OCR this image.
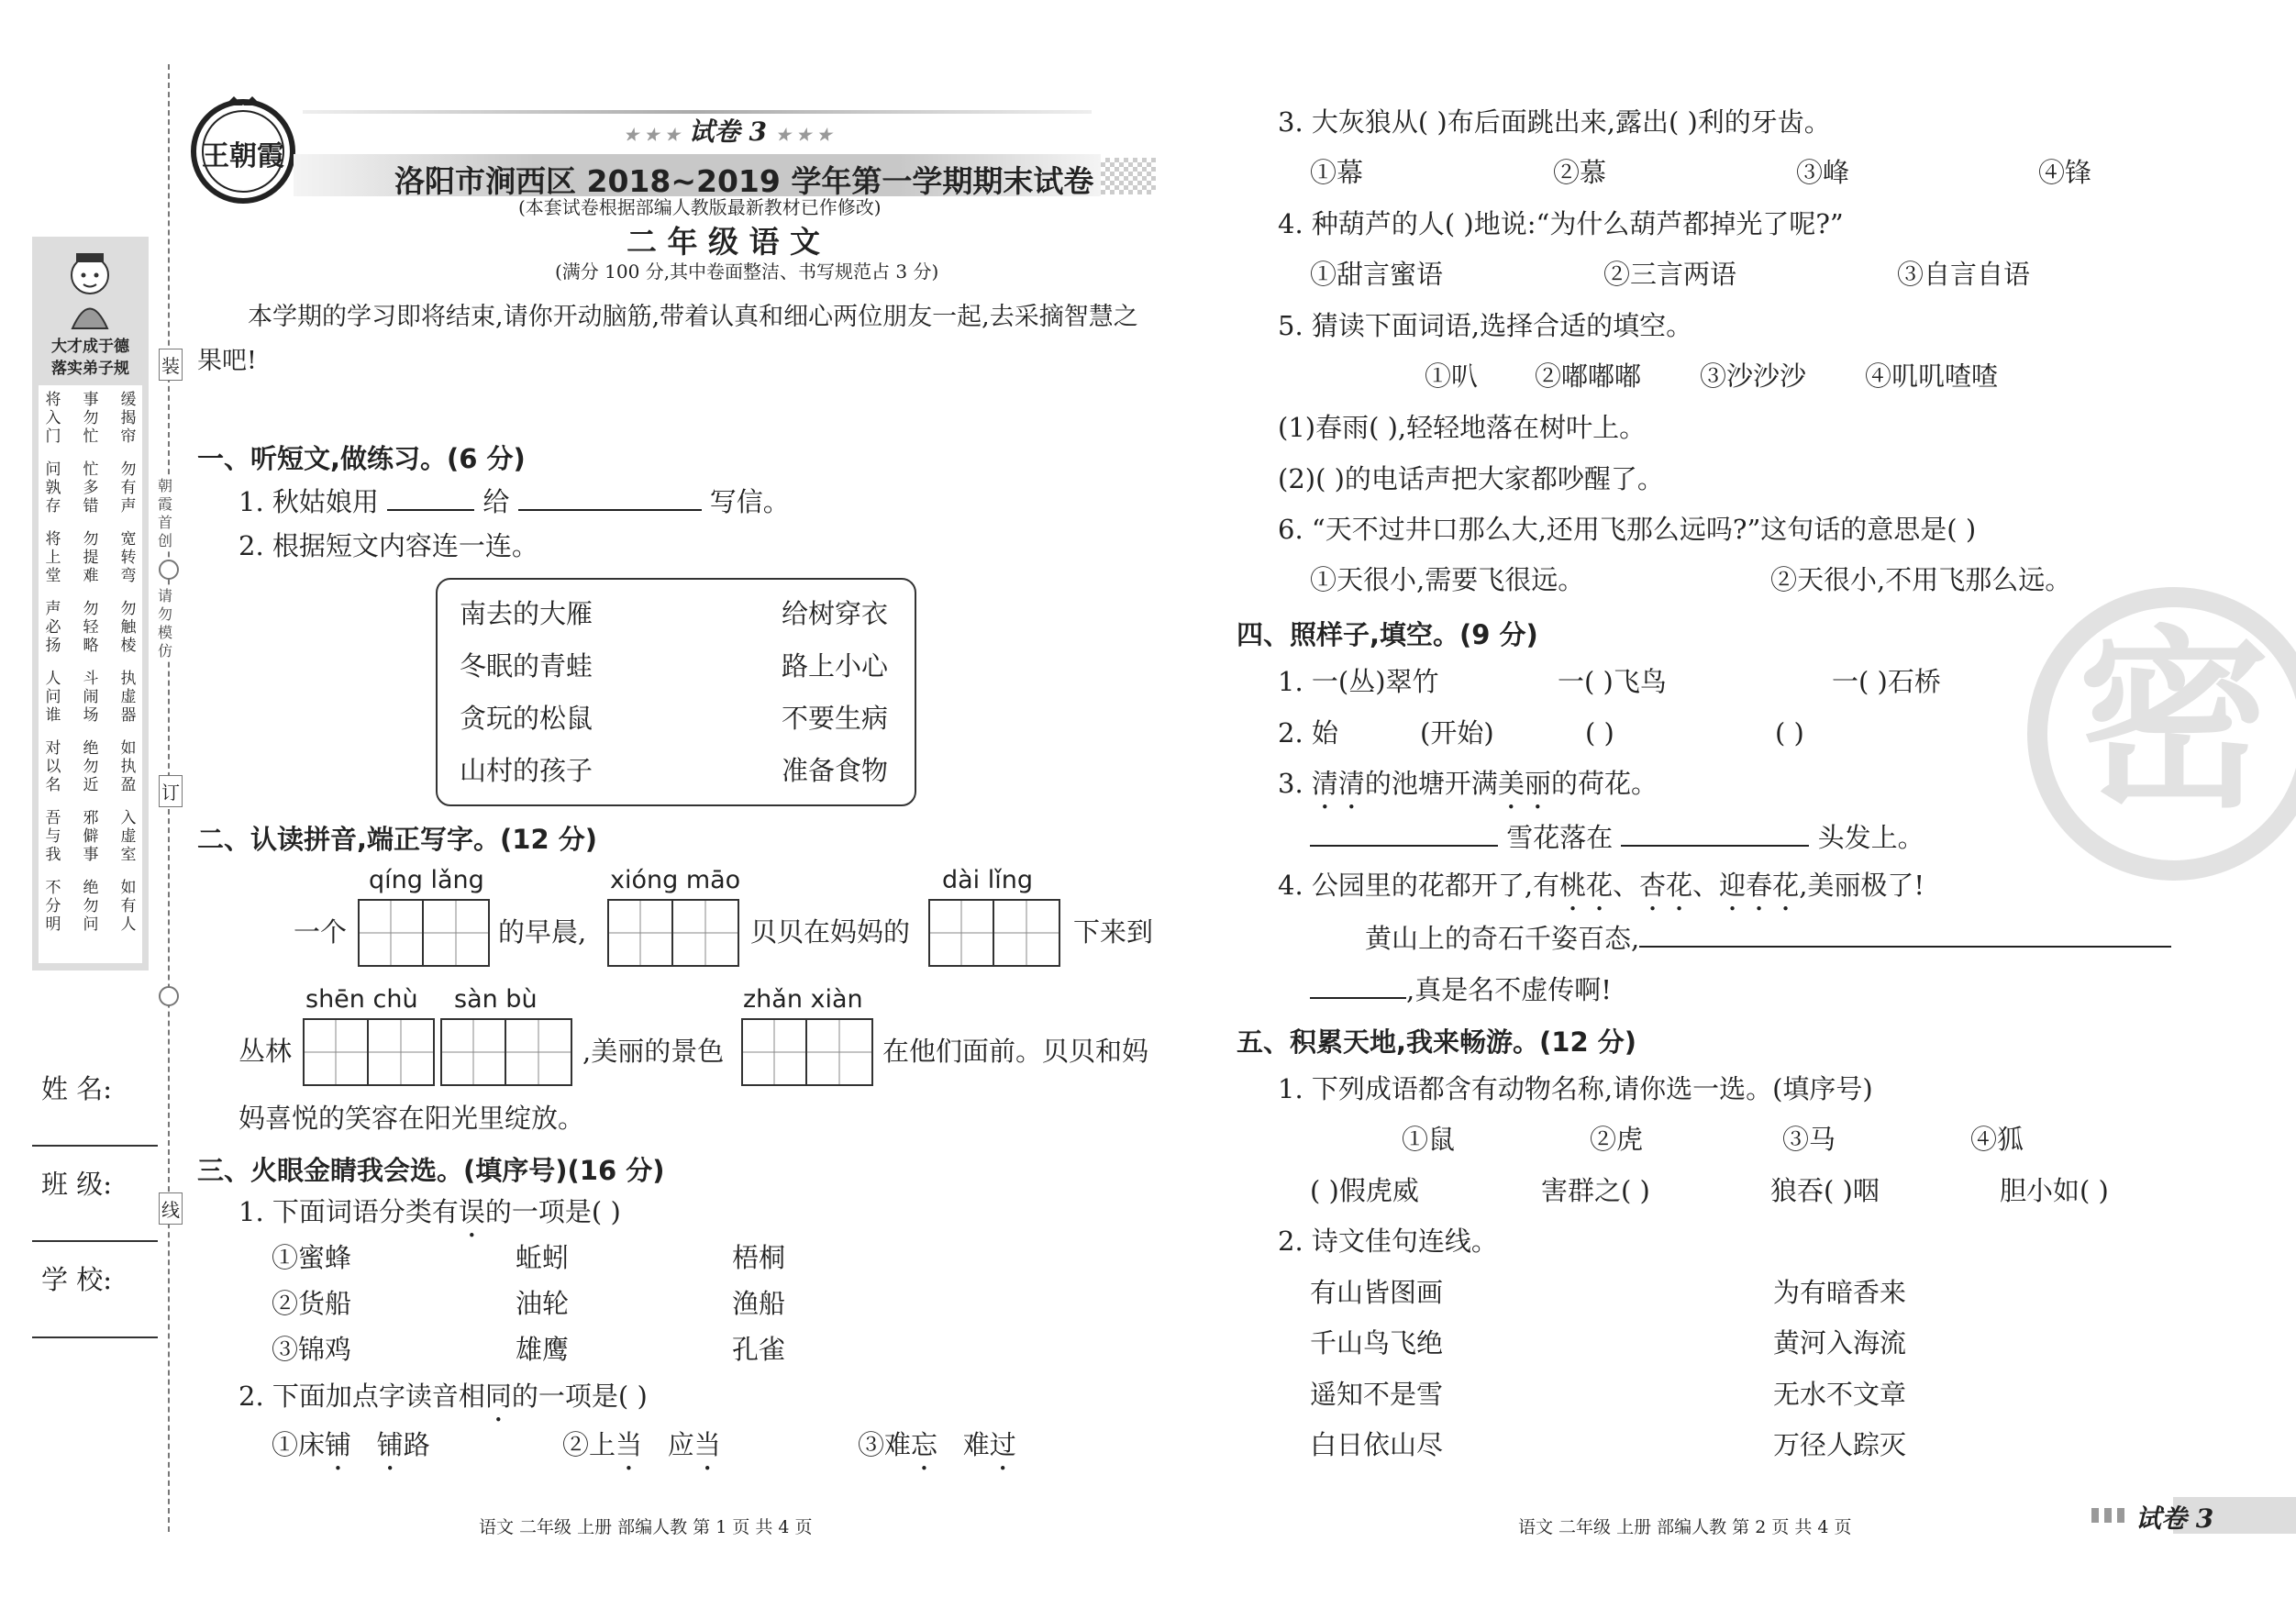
装
订
线
朝
霞
首
创
请
勿
模
仿
大才成于德
落实弟子规
将入门
事勿忙
缓揭帘
问孰存
忙多错
勿有声
将上堂
勿提难
宽转弯
声必扬
勿轻略
勿触棱
人问谁
斗闹场
执虚器
对以名
绝勿近
如执盈
吾与我
邪僻事
入虚室
不分明
绝勿问
如有人
姓 名:
班 级:
学 校:
王朝霞
★ ★ ★ 试卷 3 ★ ★ ★
洛阳市涧西区 2018~2019 学年第一学期期末试卷
(本套试卷根据部编人教版最新教材已作修改)
二 年 级 语 文
(满分 100 分,其中卷面整洁、书写规范占 3 分)
本学期的学习即将结束,请你开动脑筋,带着认真和细心两位朋友一起,去采摘智慧之
果吧!
一、听短文,做练习。(6 分)
1. 秋姑娘用	给	写信。
2. 根据短文内容连一连。
南去的大雁
冬眠的青蛙
贪玩的松鼠
山村的孩子
给树穿衣
路上小心
不要生病
准备食物
二、认读拼音,端正写字。(12 分)
qíng lǎng	xióng māo	dài lǐng
一个	的早晨,	贝贝在妈妈的	下来到
shēn chù sàn bù	zhǎn xiàn
丛林	,美丽的景色	在他们面前。贝贝和妈
妈喜悦的笑容在阳光里绽放。
三、火眼金睛我会选。(填序号)(16 分)
1. 下面词语分类有误的一项是( )
①蜜蜂	蚯蚓	梧桐
②货船	油轮	渔船
③锦鸡	雄鹰	孔雀
2. 下面加点字读音相同的一项是( )
①床铺 铺路	②上当 应当	③难忘 难过
语文 二年级 上册 部编人教 第 1 页 共 4 页
密
3. 大灰狼从( )布后面跳出来,露出( )利的牙齿。
①幕	②慕	③峰	④锋
4. 种葫芦的人( )地说:“为什么葫芦都掉光了呢?”
①甜言蜜语	②三言两语	③自言自语
5. 猜读下面词语,选择合适的填空。
①叭 ②嘟嘟嘟 ③沙沙沙 ④叽叽喳喳
(1)春雨( ),轻轻地落在树叶上。
(2)( )的电话声把大家都吵醒了。
6. “天不过井口那么大,还用飞那么远吗?”这句话的意思是( )
①天很小,需要飞很远。	②天很小,不用飞那么远。
四、照样子,填空。(9 分)
1. 一(丛)翠竹	一( )飞鸟	一( )石桥
2. 始	(开始)	( )	( )
3. 清清的池塘开满美丽的荷花。
雪花落在	头发上。
4. 公园里的花都开了,有桃花、杏花、迎春花,美丽极了!
黄山上的奇石千姿百态,
,真是名不虚传啊!
五、积累天地,我来畅游。(12 分)
1. 下列成语都含有动物名称,请你选一选。(填序号)
①鼠	②虎	③马	④狐
( )假虎威	害群之( )	狼吞( )咽	胆小如( )
2. 诗文佳句连线。
有山皆图画
千山鸟飞绝
遥知不是雪
白日依山尽
为有暗香来
黄河入海流
无水不文章
万径人踪灭
语文 二年级 上册 部编人教 第 2 页 共 4 页	试卷 3
